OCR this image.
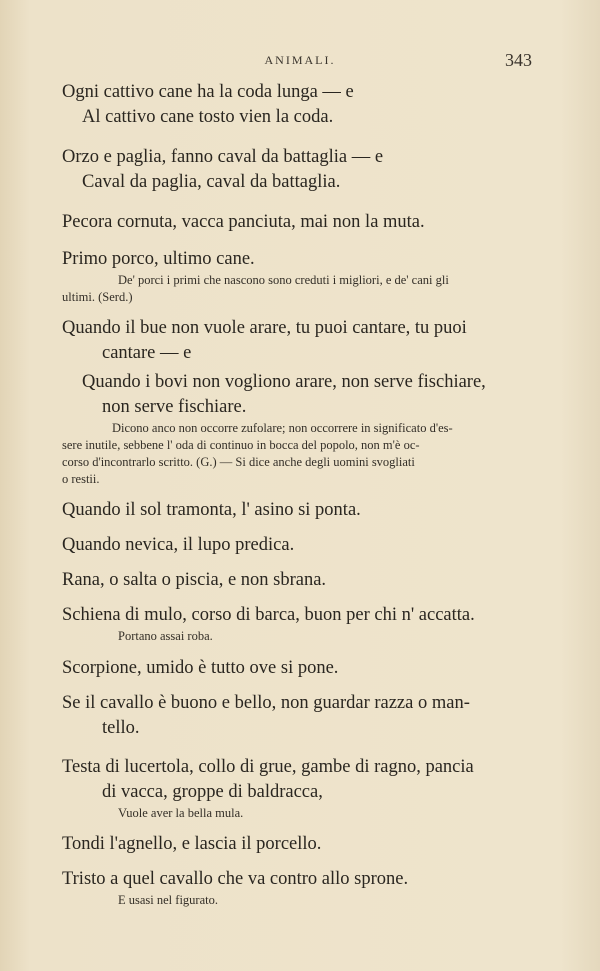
ANIMALI.	343
Ogni cattivo cane ha la coda lunga — e
Al cattivo cane tosto vien la coda.
Orzo e paglia, fanno caval da battaglia — e
Caval da paglia, caval da battaglia.
Pecora cornuta, vacca panciuta, mai non la muta.
Primo porco, ultimo cane.
De' porci i primi che nascono sono creduti i migliori, e de' cani gli
ultimi. (Serd.)
Quando il bue non vuole arare, tu puoi cantare, tu puoi
cantare — e
Quando i bovi non vogliono arare, non serve fischiare,
non serve fischiare.
Dicono anco non occorre zufolare; non occorrere in significato d'es-
sere inutile, sebbene l' oda di continuo in bocca del popolo, non m'è oc-
corso d'incontrarlo scritto. (G.) — Si dice anche degli uomini svogliati
o restii.
Quando il sol tramonta, l' asino si ponta.
Quando nevica, il lupo predica.
Rana, o salta o piscia, e non sbrana.
Schiena di mulo, corso di barca, buon per chi n' accatta.
Portano assai roba.
Scorpione, umido è tutto ove si pone.
Se il cavallo è buono e bello, non guardar razza o man-
tello.
Testa di lucertola, collo di grue, gambe di ragno, pancia
di vacca, groppe di baldracca,
Vuole aver la bella mula.
Tondi l'agnello, e lascia il porcello.
Tristo a quel cavallo che va contro allo sprone.
E usasi nel figurato.
